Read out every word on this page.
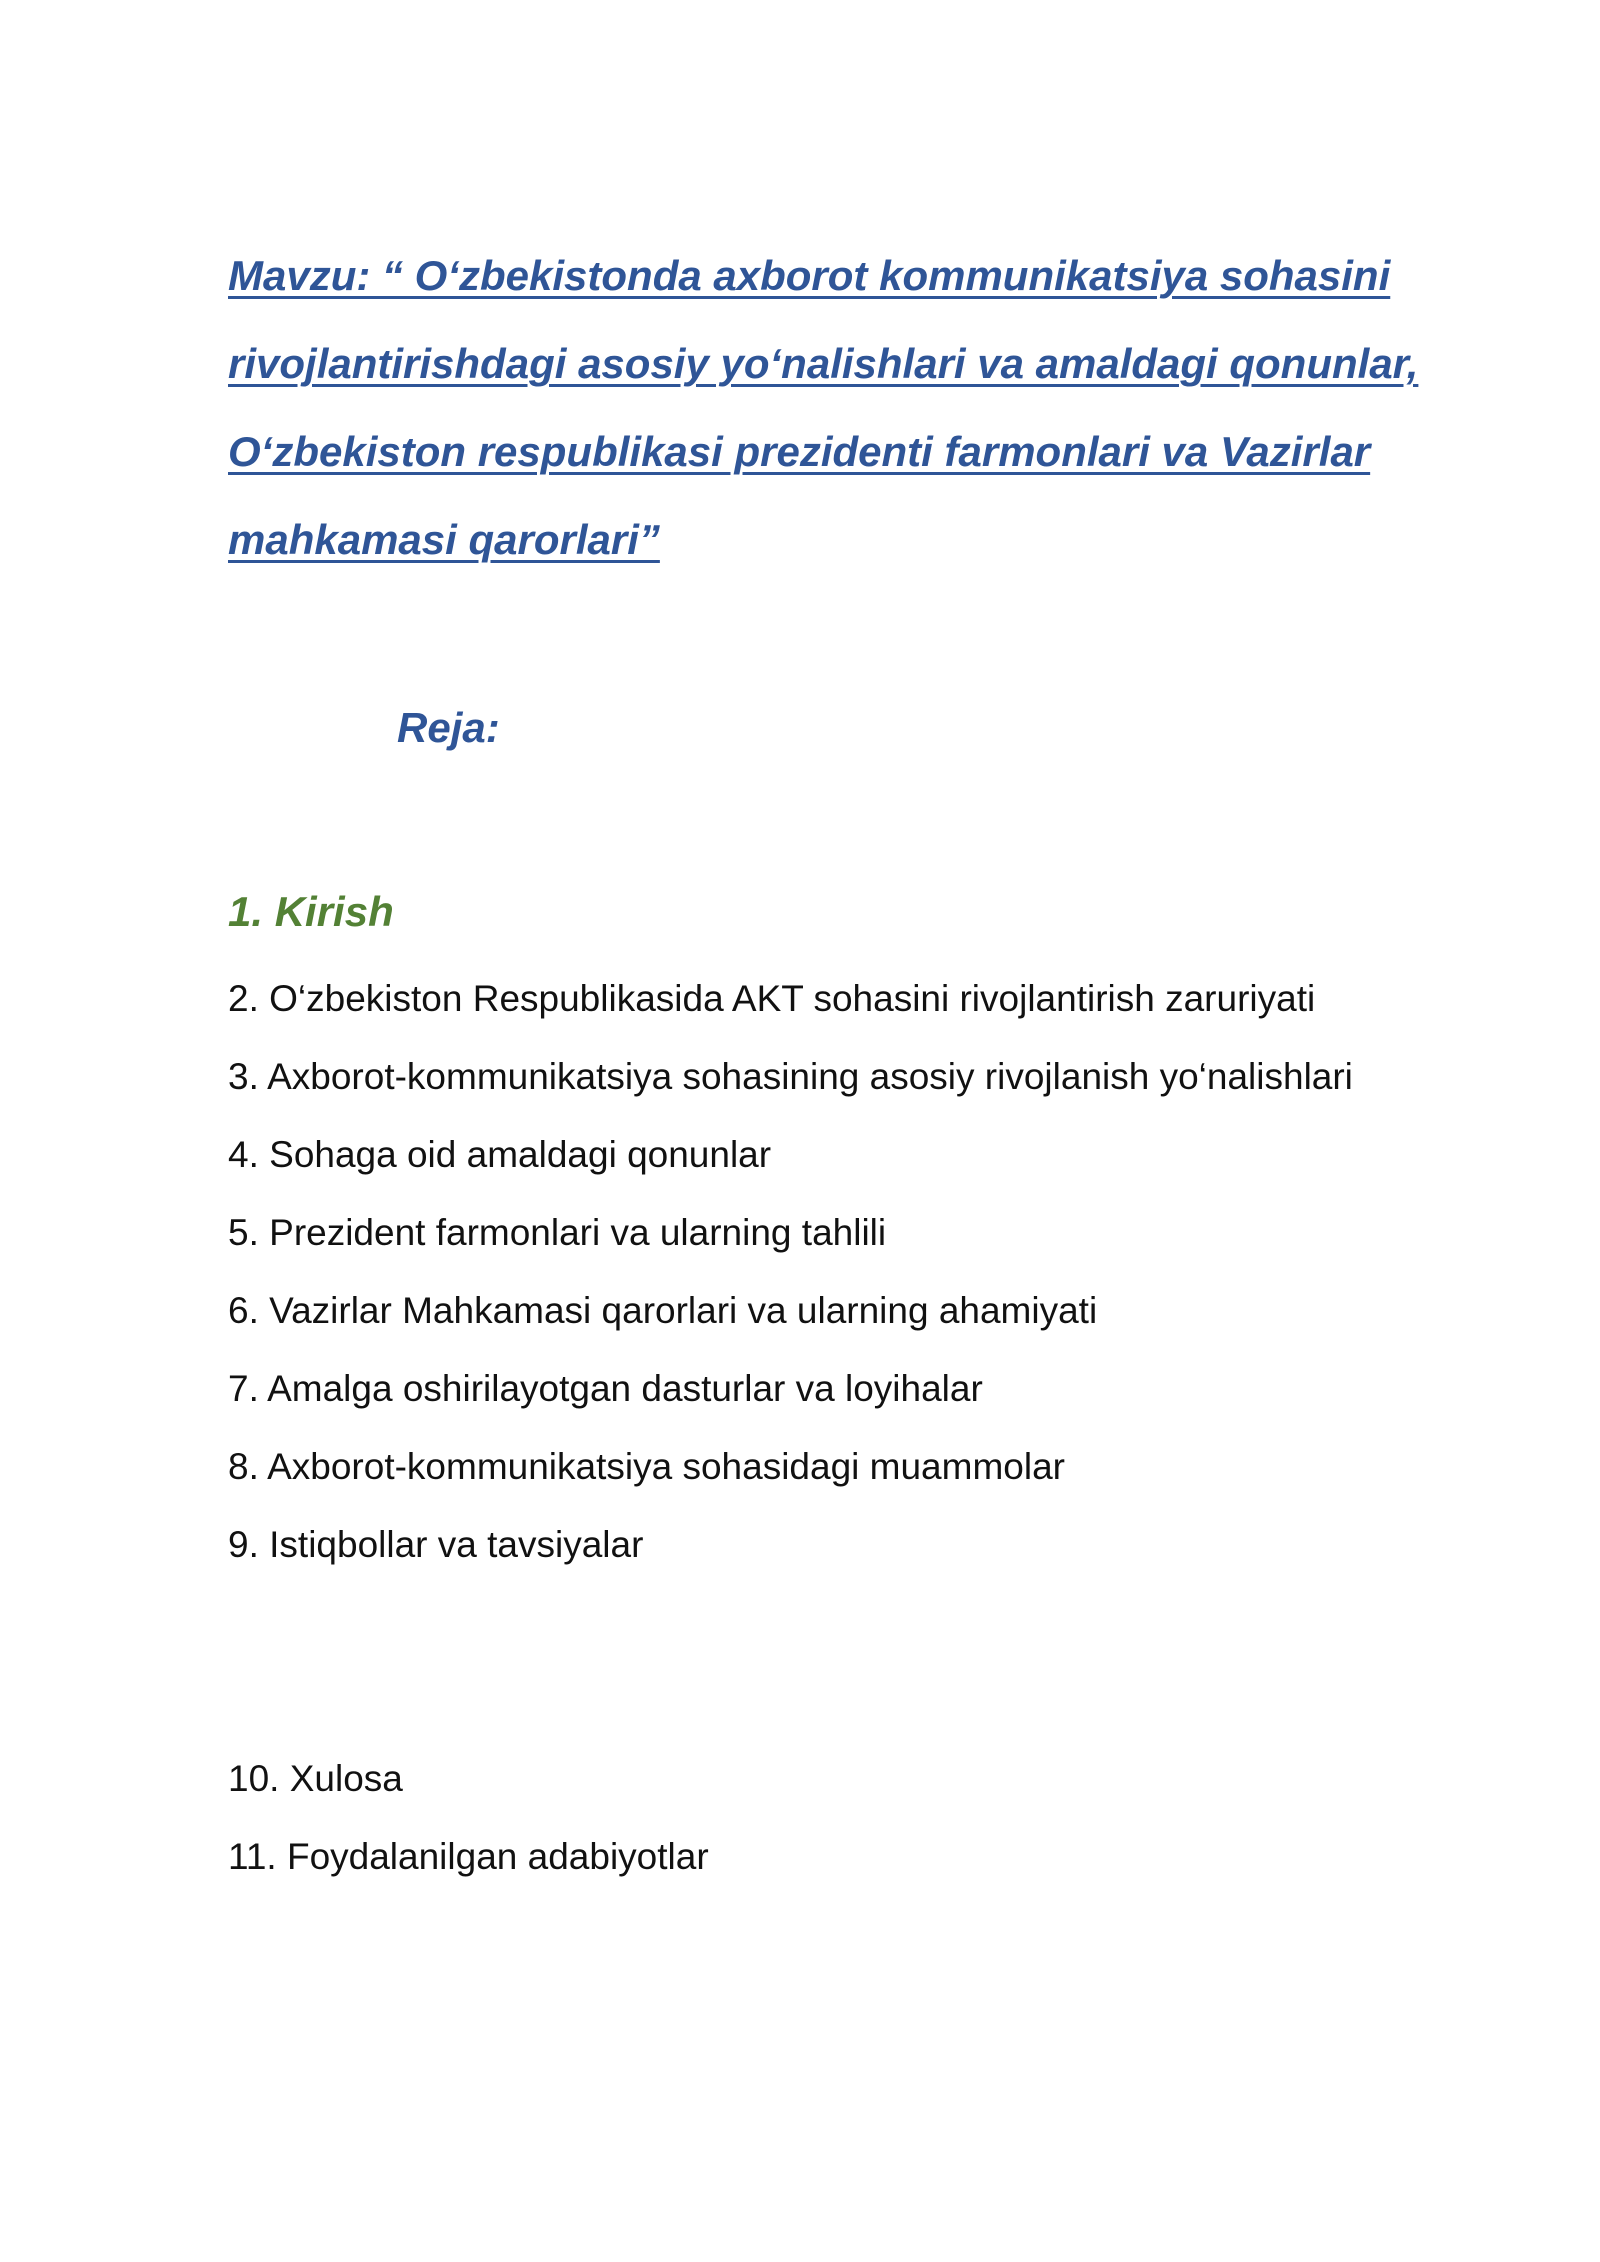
Mavzu: “ O‘zbekistonda axborot kommunikatsiya sohasini
rivojlantirishdagi asosiy yo‘nalishlari va amaldagi qonunlar,
O‘zbekiston respublikasi prezidenti farmonlari va Vazirlar
mahkamasi qarorlari”
Reja:
1. Kirish
2. O‘zbekiston Respublikasida AKT sohasini rivojlantirish zaruriyati
3. Axborot-kommunikatsiya sohasining asosiy rivojlanish yo‘nalishlari
4. Sohaga oid amaldagi qonunlar
5. Prezident farmonlari va ularning tahlili
6. Vazirlar Mahkamasi qarorlari va ularning ahamiyati
7. Amalga oshirilayotgan dasturlar va loyihalar
8. Axborot-kommunikatsiya sohasidagi muammolar
9. Istiqbollar va tavsiyalar
10. Xulosa
11. Foydalanilgan adabiyotlar
